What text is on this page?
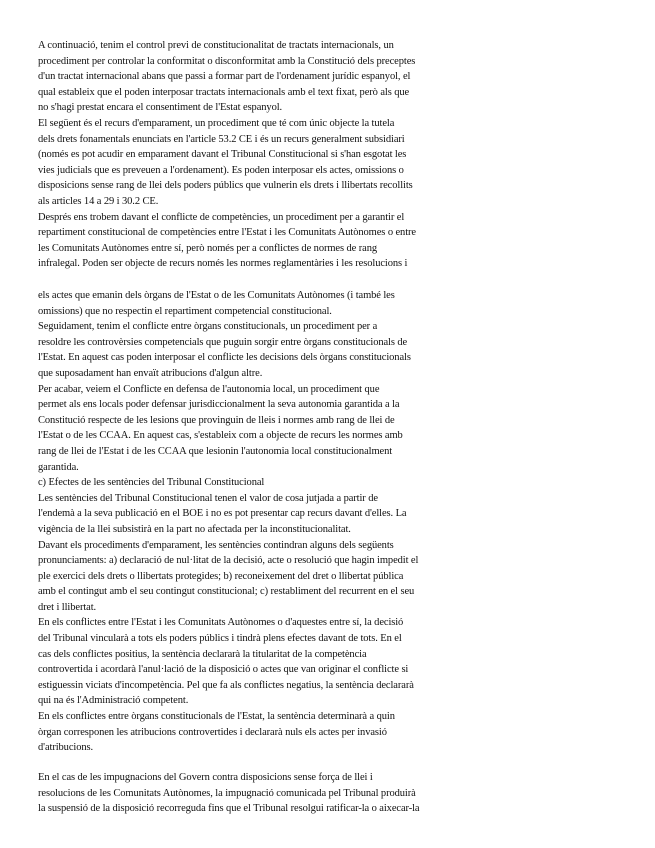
A continuació, tenim el control previ de constitucionalitat de tractats internacionals, un
procediment per controlar la conformitat o disconformitat amb la Constitució dels preceptes
d'un tractat internacional abans que passi a formar part de l'ordenament jurídic espanyol, el
qual estableix que el poden interposar tractats internacionals amb el text fixat, però als que
no s'hagi prestat encara el consentiment de l'Estat espanyol.

El següent és el recurs d'emparament, un procediment que té com únic objecte la tutela
dels drets fonamentals enunciats en l'article 53.2 CE i és un recurs generalment subsidiari
(només es pot acudir en emparament davant el Tribunal Constitucional si s'han esgotat les
vies judicials que es preveuen a l'ordenament). Es poden interposar els actes, omissions o
disposicions sense rang de llei dels poders públics que vulnerin els drets i llibertats recollits
als articles 14 a 29 i 30.2 CE.

Després ens trobem davant el conflicte de competències, un procediment per a garantir el
repartiment constitucional de competències entre l'Estat i les Comunitats Autònomes o entre
les Comunitats Autònomes entre sí, però només per a conflictes de normes de rang
infralegal. Poden ser objecte de recurs només les normes reglamentàries i les resolucions i

els actes que emanin dels òrgans de l'Estat o de les Comunitats Autònomes (i també les
omissions) que no respectin el repartiment competencial constitucional.

Seguidament, tenim el conflicte entre òrgans constitucionals, un procediment per a
resoldre les controvèrsies competencials que puguin sorgir entre òrgans constitucionals de
l'Estat. En aquest cas poden interposar el conflicte les decisions dels òrgans constitucionals
que suposadament han envaït atribucions d'algun altre.

Per acabar, veiem el Conflicte en defensa de l'autonomia local, un procediment que
permet als ens locals poder defensar jurisdiccionalment la seva autonomia garantida a la
Constitució respecte de les lesions que provinguin de lleis i normes amb rang de llei de
l'Estat o de les CCAA. En aquest cas, s'estableix com a objecte de recurs les normes amb
rang de llei de l'Estat i de les CCAA que lesionin l'autonomia local constitucionalment
garantida.

c) Efectes de les sentències del Tribunal Constitucional

Les sentències del Tribunal Constitucional tenen el valor de cosa jutjada a partir de
l'endemà a la seva publicació en el BOE i no es pot presentar cap recurs davant d'elles. La
vigència de la llei subsistirà en la part no afectada per la inconstitucionalitat.

Davant els procediments d'emparament, les sentències contindran alguns dels següents
pronunciaments: a) declaració de nul·litat de la decisió, acte o resolució que hagin impedit el
ple exercici dels drets o llibertats protegides; b) reconeixement del dret o llibertat pública
amb el contingut amb el seu contingut constitucional; c) restabliment del recurrent en el seu
dret i llibertat.

En els conflictes entre l'Estat i les Comunitats Autònomes o d'aquestes entre sí, la decisió
del Tribunal vincularà a tots els poders públics i tindrà plens efectes davant de tots. En el
cas dels conflictes positius, la sentència declararà la titularitat de la competència
controvertida i acordarà l'anul·lació de la disposició o actes que van originar el conflicte si
estiguessin viciats d'incompetència. Pel que fa als conflictes negatius, la sentència declararà
qui na és l'Administració competent.

En els conflictes entre òrgans constitucionals de l'Estat, la sentència determinarà a quin
òrgan corresponen les atribucions controvertides i declararà nuls els actes per invasió
d'atribucions.

En el cas de les impugnacions del Govern contra disposicions sense força de llei i
resolucions de les Comunitats Autònomes, la impugnació comunicada pel Tribunal produirà
la suspensió de la disposició recorreguda fins que el Tribunal resolgui ratificar-la o aixecar-la
